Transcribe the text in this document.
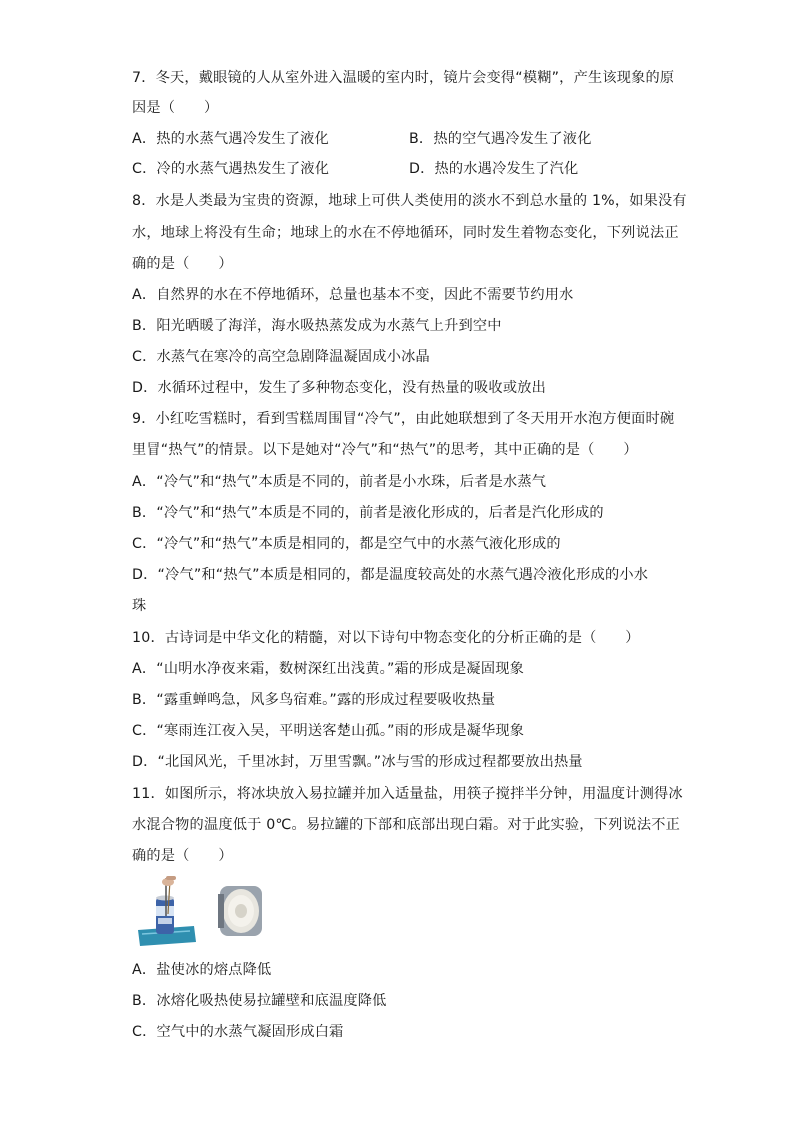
7．冬天，戴眼镜的人从室外进入温暖的室内时，镜片会变得“模糊”，产生该现象的原
因是（　　）
A．热的水蒸气遇冷发生了液化	B．热的空气遇冷发生了液化
C．冷的水蒸气遇热发生了液化	D．热的水遇冷发生了汽化
8．水是人类最为宝贵的资源，地球上可供人类使用的淡水不到总水量的 1%，如果没有
水，地球上将没有生命；地球上的水在不停地循环，同时发生着物态变化，下列说法正
确的是（　　）
A．自然界的水在不停地循环，总量也基本不变，因此不需要节约用水
B．阳光晒暖了海洋，海水吸热蒸发成为水蒸气上升到空中
C．水蒸气在寒冷的高空急剧降温凝固成小冰晶
D．水循环过程中，发生了多种物态变化，没有热量的吸收或放出
9．小红吃雪糕时，看到雪糕周围冒“冷气”，由此她联想到了冬天用开水泡方便面时碗
里冒“热气”的情景。以下是她对“冷气”和“热气”的思考，其中正确的是（　　）
A．“冷气”和“热气”本质是不同的，前者是小水珠，后者是水蒸气
B．“冷气”和“热气”本质是不同的，前者是液化形成的，后者是汽化形成的
C．“冷气”和“热气”本质是相同的，都是空气中的水蒸气液化形成的
D．“冷气”和“热气”本质是相同的，都是温度较高处的水蒸气遇冷液化形成的小水
珠
10．古诗词是中华文化的精髓，对以下诗句中物态变化的分析正确的是（　　）
A．“山明水净夜来霜，数树深红出浅黄。”霜的形成是凝固现象
B．“露重蝉鸣急，风多鸟宿难。”露的形成过程要吸收热量
C．“寒雨连江夜入吴，平明送客楚山孤。”雨的形成是凝华现象
D．“北国风光，千里冰封，万里雪飘。”冰与雪的形成过程都要放出热量
11．如图所示，将冰块放入易拉罐并加入适量盐，用筷子搅拌半分钟，用温度计测得冰
水混合物的温度低于 0℃。易拉罐的下部和底部出现白霜。对于此实验，下列说法不正
确的是（　　）
A．盐使冰的熔点降低
B．冰熔化吸热使易拉罐壁和底温度降低
C．空气中的水蒸气凝固形成白霜
